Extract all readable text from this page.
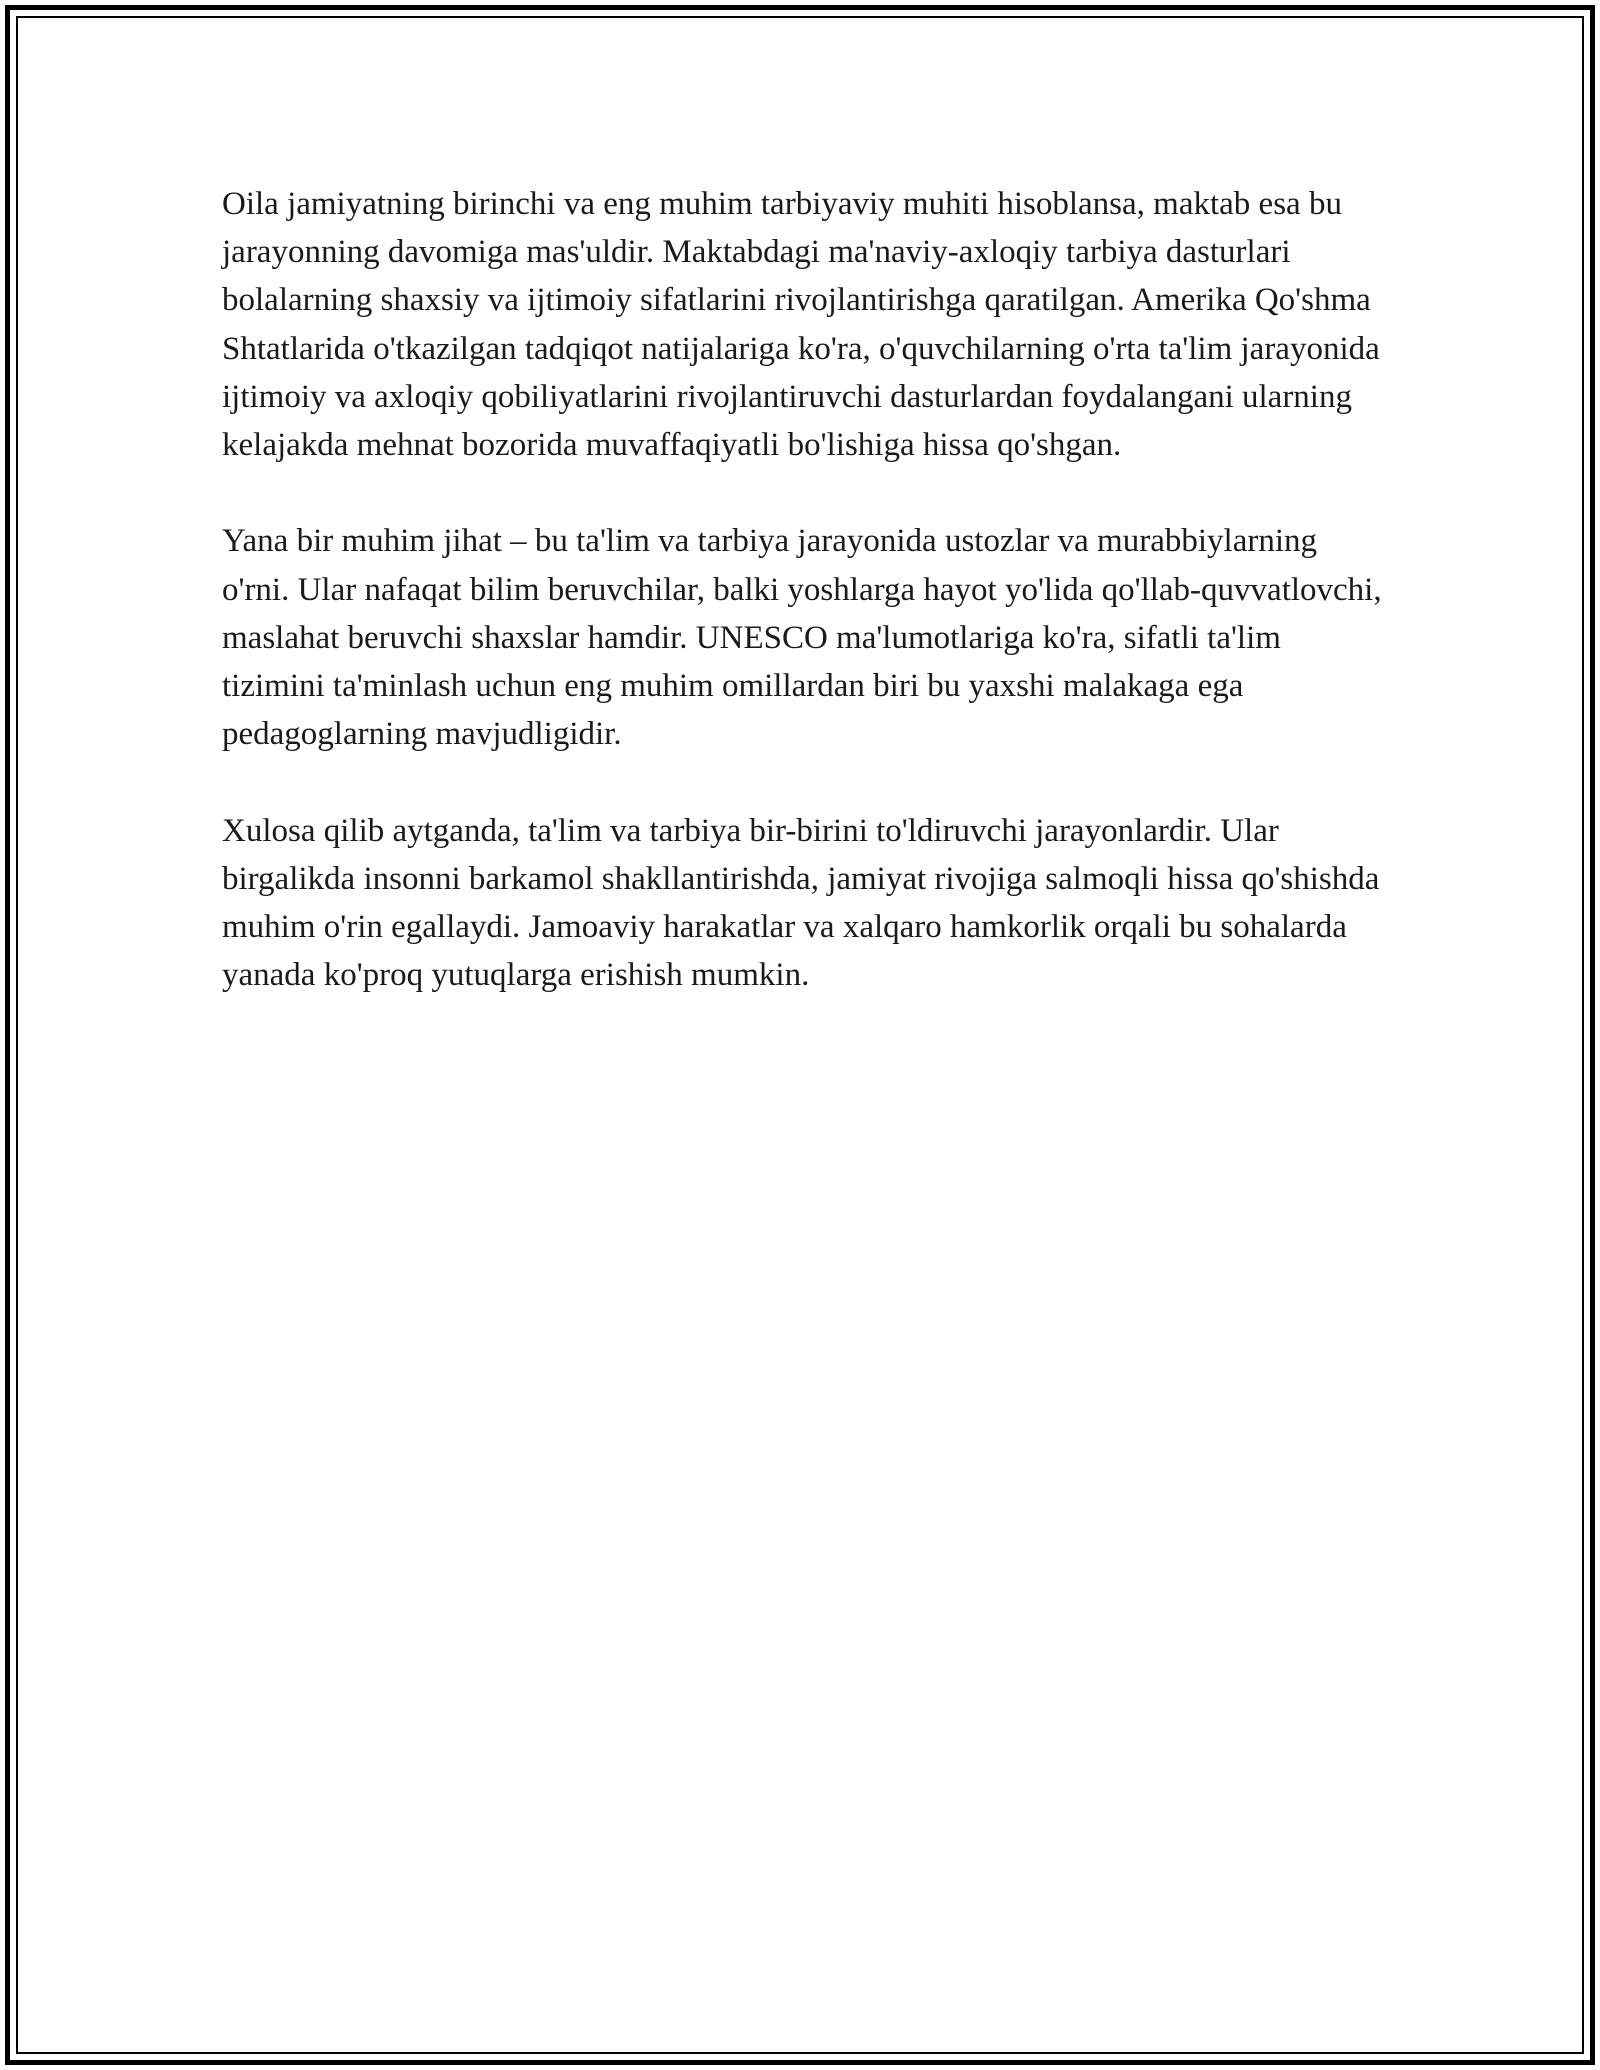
Oila jamiyatning birinchi va eng muhim tarbiyaviy muhiti hisoblansa, maktab esa bu jarayonning davomiga mas'uldir. Maktabdagi ma'naviy-axloqiy tarbiya dasturlari bolalarning shaxsiy va ijtimoiy sifatlarini rivojlantirishga qaratilgan. Amerika Qo'shma Shtatlarida o'tkazilgan tadqiqot natijalariga ko'ra, o'quvchilarning o'rta ta'lim jarayonida ijtimoiy va axloqiy qobiliyatlarini rivojlantiruvchi dasturlardan foydalangani ularning kelajakda mehnat bozorida muvaffaqiyatli bo'lishiga hissa qo'shgan.

Yana bir muhim jihat – bu ta'lim va tarbiya jarayonida ustozlar va murabbiylarning o'rni. Ular nafaqat bilim beruvchilar, balki yoshlarga hayot yo'lida qo'llab-quvvatlovchi, maslahat beruvchi shaxslar hamdir. UNESCO ma'lumotlariga ko'ra, sifatli ta'lim tizimini ta'minlash uchun eng muhim omillardan biri bu yaxshi malakaga ega pedagoglarning mavjudligidir.

Xulosa qilib aytganda, ta'lim va tarbiya bir-birini to'ldiruvchi jarayonlardir. Ular birgalikda insonni barkamol shakllantirishda, jamiyat rivojiga salmoqli hissa qo'shishda muhim o'rin egallaydi. Jamoaviy harakatlar va xalqaro hamkorlik orqali bu sohalarda yanada ko'proq yutuqlarga erishish mumkin.
